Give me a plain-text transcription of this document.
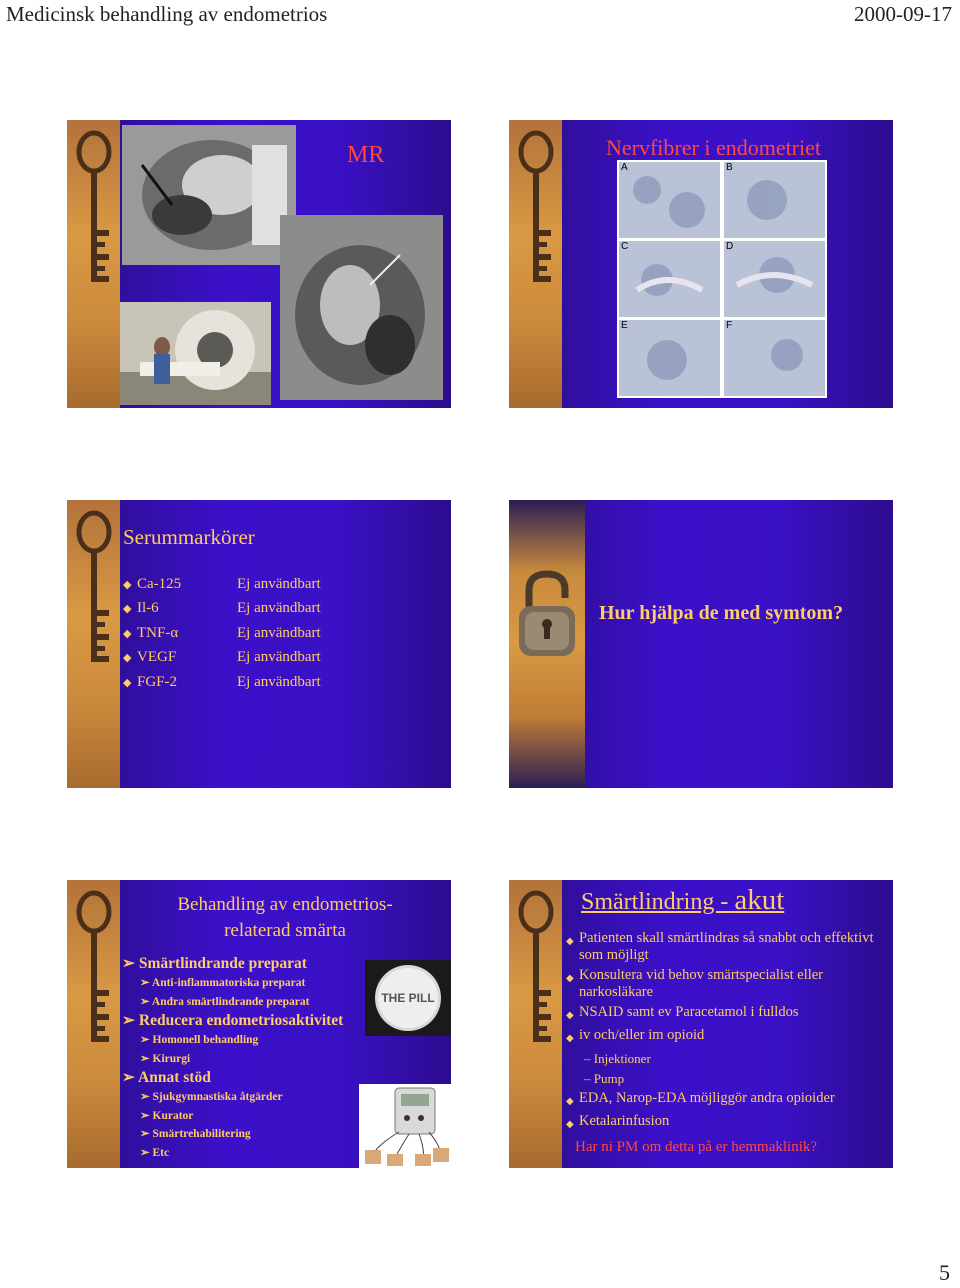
Medicinsk behandling av endometrios	2000-09-17
MR	Nervfibrer i endometriet
A	B
C	D
E	F
Serummarkörer
◆ Ca-125	Ej användbart
◆ Il-6	Ej användbart
◆ TNF-α	Ej användbart
◆ VEGF	Ej användbart
◆ FGF-2	Ej användbart
Hur hjälpa de med symtom?
Behandling av endometrios-
relaterad smärta
➢ Smärtlindrande preparat
➢ Anti-inflammatoriska preparat
➢ Andra smärtlindrande preparat
➢ Reducera endometriosaktivitet
➢ Homonell behandling
➢ Kirurgi
➢ Annat stöd
➢ Sjukgymnastiska åtgärder
➢ Kurator
➢ Smärtrehabilitering
➢ Etc
THE PILL
Smärtlindring - akut
◆ Patienten skall smärtlindras så snabbt och effektivt som möjligt
◆ Konsultera vid behov smärtspecialist eller narkosläkare
◆ NSAID samt ev Paracetamol i fulldos
◆ iv och/eller im opioid
– Injektioner
– Pump
◆ EDA, Narop-EDA möjliggör andra opioider
◆ Ketalarinfusion
Har ni PM om detta på er hemmaklinik?
5
